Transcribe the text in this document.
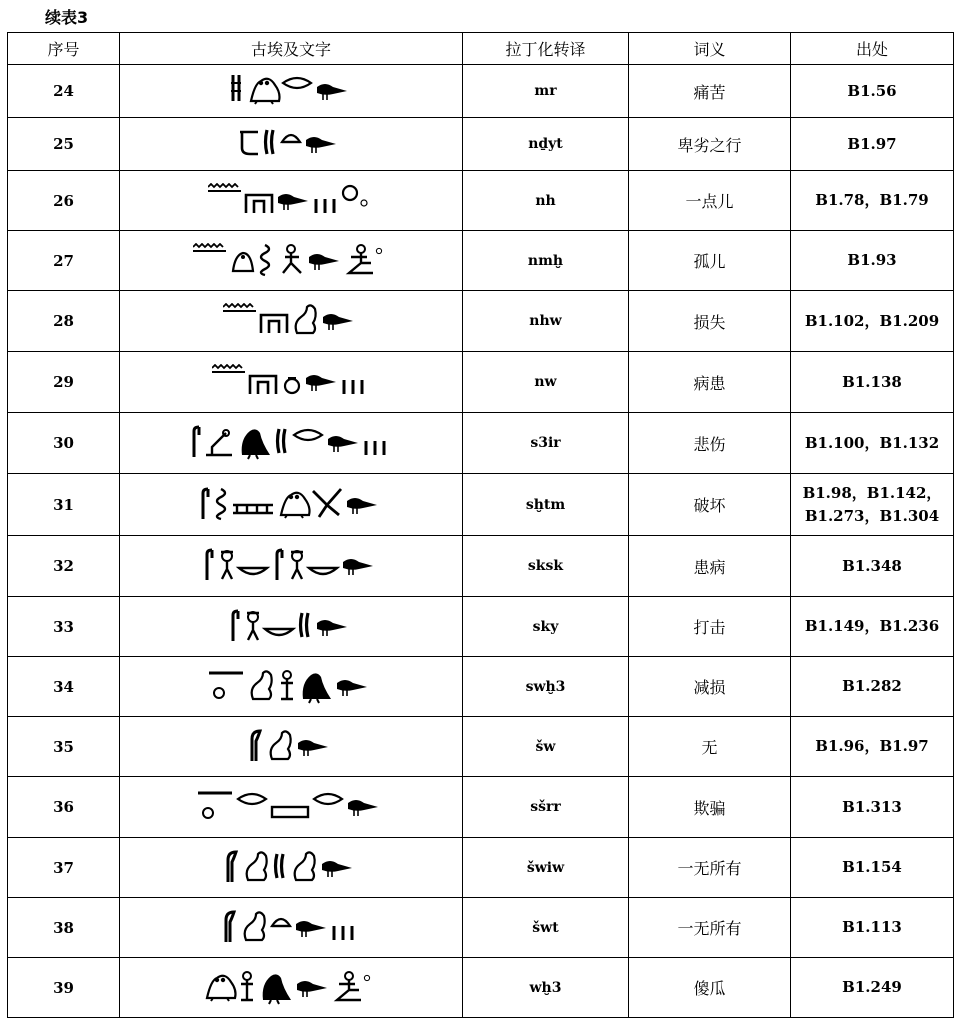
续表3
序号	古埃及文字	拉丁化转译	词义	出处
24		mr	痛苦	B1.56

25		nḏyt	卑劣之行	B1.97

26		nh	一点儿	B1.78，B1.79

27		nmḫ	孤儿	B1.93

28		nhw	损失	B1.102，B1.209

29		nw	病患	B1.138

30		s3ir	悲伤	B1.100，B1.132

31		sḫtm	破坏	B1.98，B1.142，
B1.273，B1.304

32		sksk	患病	B1.348

33		sky	打击	B1.149，B1.236

34		swḫ3	减损	B1.282

35		šw	无	B1.96，B1.97

36		sšrr	欺骗	B1.313

37		šwiw	一无所有	B1.154

38		šwt	一无所有	B1.113

39		wḫ3	傻瓜	B1.249
